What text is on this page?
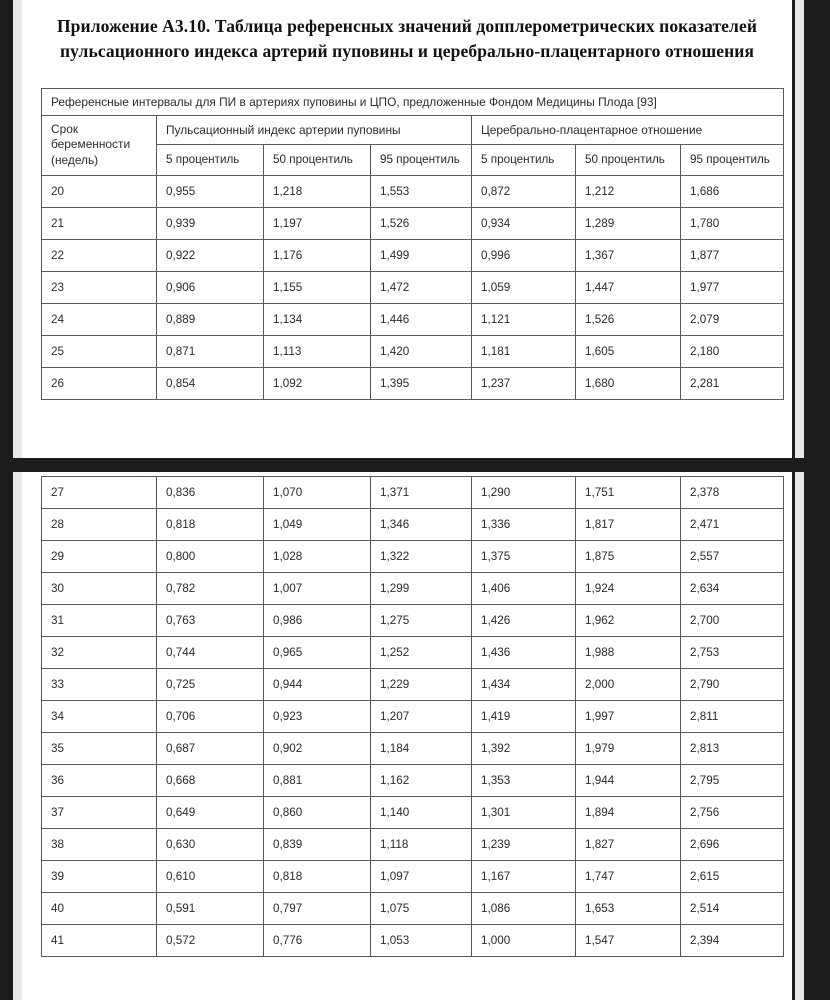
Приложение А3.10. Таблица референсных значений допплерометрических показателей пульсационного индекса артерий пуповины и церебрально-плацентарного отношения
Референсные интервалы для ПИ в артериях пуповины и ЦПО, предложенные Фондом Медицины Плода [93]						
Срок беременности (недель)	Пульсационный индекс артерии пуповины			Церебрально-плацентарное отношение		
	5 процентиль	50 процентиль	95 процентиль	5 процентиль	50 процентиль	95 процентиль
20	0,955	1,218	1,553	0,872	1,212	1,686
21	0,939	1,197	1,526	0,934	1,289	1,780
22	0,922	1,176	1,499	0,996	1,367	1,877
23	0,906	1,155	1,472	1,059	1,447	1,977
24	0,889	1,134	1,446	1,121	1,526	2,079
25	0,871	1,113	1,420	1,181	1,605	2,180
26	0,854	1,092	1,395	1,237	1,680	2,281
27	0,836	1,070	1,371	1,290	1,751	2,378
28	0,818	1,049	1,346	1,336	1,817	2,471
29	0,800	1,028	1,322	1,375	1,875	2,557
30	0,782	1,007	1,299	1,406	1,924	2,634
31	0,763	0,986	1,275	1,426	1,962	2,700
32	0,744	0,965	1,252	1,436	1,988	2,753
33	0,725	0,944	1,229	1,434	2,000	2,790
34	0,706	0,923	1,207	1,419	1,997	2,811
35	0,687	0,902	1,184	1,392	1,979	2,813
36	0,668	0,881	1,162	1,353	1,944	2,795
37	0,649	0,860	1,140	1,301	1,894	2,756
38	0,630	0,839	1,118	1,239	1,827	2,696
39	0,610	0,818	1,097	1,167	1,747	2,615
40	0,591	0,797	1,075	1,086	1,653	2,514
41	0,572	0,776	1,053	1,000	1,547	2,394
